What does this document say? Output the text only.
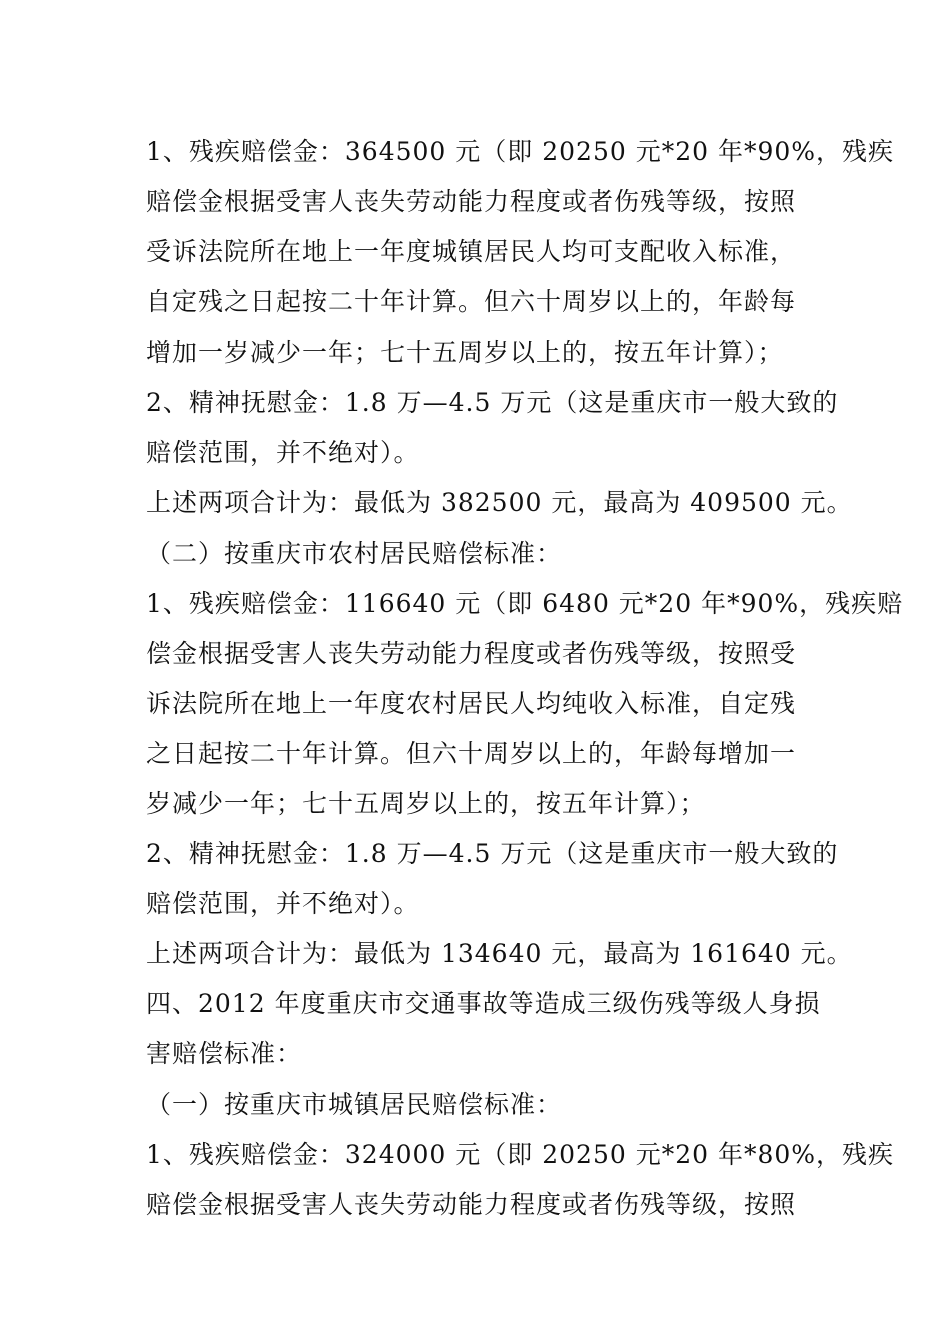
1、残疾赔偿金：364500 元（即 20250 元*20 年*90%，残疾
赔偿金根据受害人丧失劳动能力程度或者伤残等级，按照
受诉法院所在地上一年度城镇居民人均可支配收入标准，
自定残之日起按二十年计算。但六十周岁以上的，年龄每
增加一岁减少一年；七十五周岁以上的，按五年计算）；
2、精神抚慰金：1.8 万—4.5 万元（这是重庆市一般大致的
赔偿范围，并不绝对）。
上述两项合计为：最低为 382500 元，最高为 409500 元。
（二）按重庆市农村居民赔偿标准：
1、残疾赔偿金：116640 元（即 6480 元*20 年*90%，残疾赔
偿金根据受害人丧失劳动能力程度或者伤残等级，按照受
诉法院所在地上一年度农村居民人均纯收入标准，自定残
之日起按二十年计算。但六十周岁以上的，年龄每增加一
岁减少一年；七十五周岁以上的，按五年计算）；
2、精神抚慰金：1.8 万—4.5 万元（这是重庆市一般大致的
赔偿范围，并不绝对）。
上述两项合计为：最低为 134640 元，最高为 161640 元。
四、2012 年度重庆市交通事故等造成三级伤残等级人身损
害赔偿标准：
（一）按重庆市城镇居民赔偿标准：
1、残疾赔偿金：324000 元（即 20250 元*20 年*80%，残疾
赔偿金根据受害人丧失劳动能力程度或者伤残等级，按照
